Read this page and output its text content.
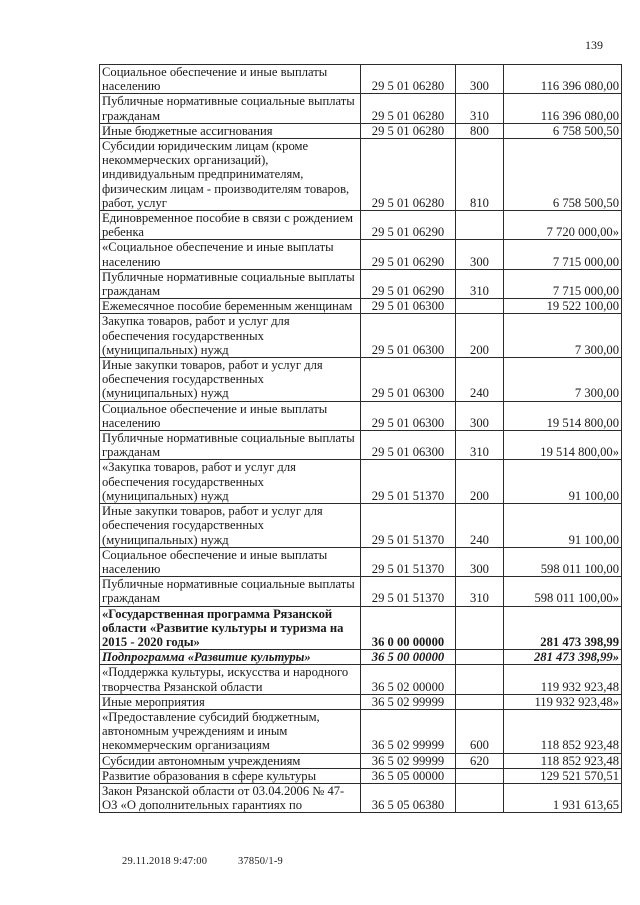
139
Социальное обеспечение и иные выплаты населению	29 5 01 06280	300	116 396 080,00
Публичные нормативные социальные выплаты гражданам	29 5 01 06280	310	116 396 080,00
Иные бюджетные ассигнования	29 5 01 06280	800	6 758 500,50
Субсидии юридическим лицам (кроме некоммерческих организаций), индивидуальным предпринимателям, физическим лицам - производителям товаров, работ, услуг	29 5 01 06280	810	6 758 500,50
Единовременное пособие в связи с рождением ребенка	29 5 01 06290		7 720 000,00»
«Социальное обеспечение и иные выплаты населению	29 5 01 06290	300	7 715 000,00
Публичные нормативные социальные выплаты гражданам	29 5 01 06290	310	7 715 000,00
Ежемесячное пособие беременным женщинам	29 5 01 06300		19 522 100,00
Закупка товаров, работ и услуг для обеспечения государственных (муниципальных) нужд	29 5 01 06300	200	7 300,00
Иные закупки товаров, работ и услуг для обеспечения государственных (муниципальных) нужд	29 5 01 06300	240	7 300,00
Социальное обеспечение и иные выплаты населению	29 5 01 06300	300	19 514 800,00
Публичные нормативные социальные выплаты гражданам	29 5 01 06300	310	19 514 800,00»
«Закупка товаров, работ и услуг для обеспечения государственных (муниципальных) нужд	29 5 01 51370	200	91 100,00
Иные закупки товаров, работ и услуг для обеспечения государственных (муниципальных) нужд	29 5 01 51370	240	91 100,00
Социальное обеспечение и иные выплаты населению	29 5 01 51370	300	598 011 100,00
Публичные нормативные социальные выплаты гражданам	29 5 01 51370	310	598 011 100,00»
«Государственная программа Рязанской области «Развитие культуры и туризма на 2015 - 2020 годы»	36 0 00 00000		281 473 398,99
Подпрограмма «Развитие культуры»	36 5 00 00000		281 473 398,99»
«Поддержка культуры, искусства и народного творчества Рязанской области	36 5 02 00000		119 932 923,48
Иные мероприятия	36 5 02 99999		119 932 923,48»
«Предоставление субсидий бюджетным, автономным учреждениям и иным некоммерческим организациям	36 5 02 99999	600	118 852 923,48
Субсидии автономным учреждениям	36 5 02 99999	620	118 852 923,48
Развитие образования в сфере культуры	36 5 05 00000		129 521 570,51
Закон Рязанской области от 03.04.2006 № 47-ОЗ «О дополнительных гарантиях по	36 5 05 06380		1 931 613,65
29.11.2018 9:47:00	37850/1-9
